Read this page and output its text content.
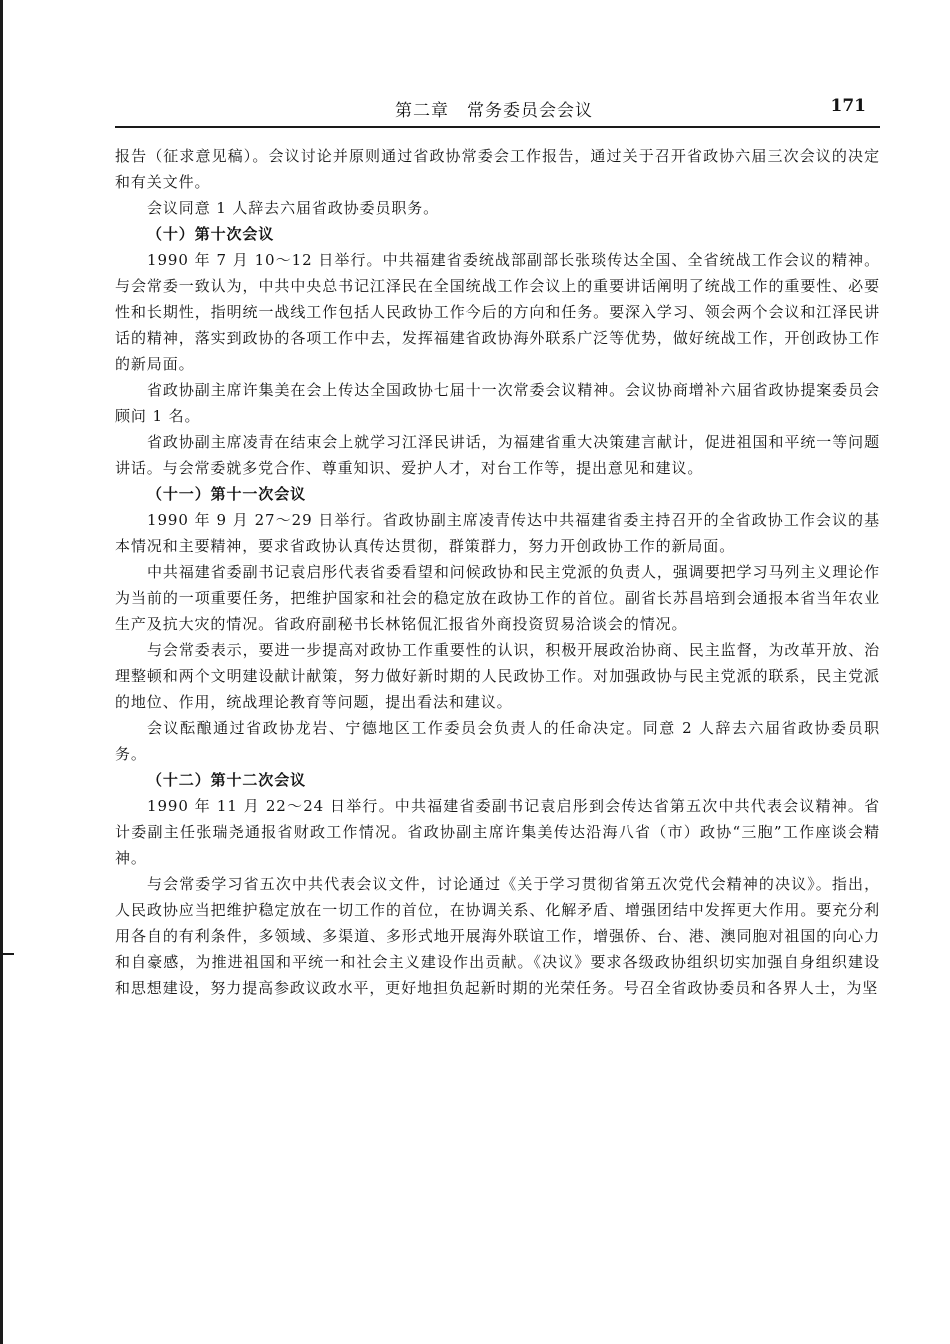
第二章　常务委员会会议	171

报告（征求意见稿）。会议讨论并原则通过省政协常委会工作报告，通过关于召开省政协六届三次会议的决定和有关文件。

会议同意 1 人辞去六届省政协委员职务。

（十）第十次会议

1990 年 7 月 10～12 日举行。中共福建省委统战部副部长张琰传达全国、全省统战工作会议的精神。与会常委一致认为，中共中央总书记江泽民在全国统战工作会议上的重要讲话阐明了统战工作的重要性、必要性和长期性，指明统一战线工作包括人民政协工作今后的方向和任务。要深入学习、领会两个会议和江泽民讲话的精神，落实到政协的各项工作中去，发挥福建省政协海外联系广泛等优势，做好统战工作，开创政协工作的新局面。

省政协副主席许集美在会上传达全国政协七届十一次常委会议精神。会议协商增补六届省政协提案委员会顾问 1 名。

省政协副主席凌青在结束会上就学习江泽民讲话，为福建省重大决策建言献计，促进祖国和平统一等问题讲话。与会常委就多党合作、尊重知识、爱护人才，对台工作等，提出意见和建议。

（十一）第十一次会议

1990 年 9 月 27～29 日举行。省政协副主席凌青传达中共福建省委主持召开的全省政协工作会议的基本情况和主要精神，要求省政协认真传达贯彻，群策群力，努力开创政协工作的新局面。

中共福建省委副书记袁启彤代表省委看望和问候政协和民主党派的负责人，强调要把学习马列主义理论作为当前的一项重要任务，把维护国家和社会的稳定放在政协工作的首位。副省长苏昌培到会通报本省当年农业生产及抗大灾的情况。省政府副秘书长林铭侃汇报省外商投资贸易洽谈会的情况。

与会常委表示，要进一步提高对政协工作重要性的认识，积极开展政治协商、民主监督，为改革开放、治理整顿和两个文明建设献计献策，努力做好新时期的人民政协工作。对加强政协与民主党派的联系，民主党派的地位、作用，统战理论教育等问题，提出看法和建议。

会议酝酿通过省政协龙岩、宁德地区工作委员会负责人的任命决定。同意 2 人辞去六届省政协委员职务。

（十二）第十二次会议

1990 年 11 月 22～24 日举行。中共福建省委副书记袁启彤到会传达省第五次中共代表会议精神。省计委副主任张瑞尧通报省财政工作情况。省政协副主席许集美传达沿海八省（市）政协“三胞”工作座谈会精神。

与会常委学习省五次中共代表会议文件，讨论通过《关于学习贯彻省第五次党代会精神的决议》。指出，人民政协应当把维护稳定放在一切工作的首位，在协调关系、化解矛盾、增强团结中发挥更大作用。要充分利用各自的有利条件，多领域、多渠道、多形式地开展海外联谊工作，增强侨、台、港、澳同胞对祖国的向心力和自豪感，为推进祖国和平统一和社会主义建设作出贡献。《决议》要求各级政协组织切实加强自身组织建设和思想建设，努力提高参政议政水平，更好地担负起新时期的光荣任务。号召全省政协委员和各界人士，为坚
